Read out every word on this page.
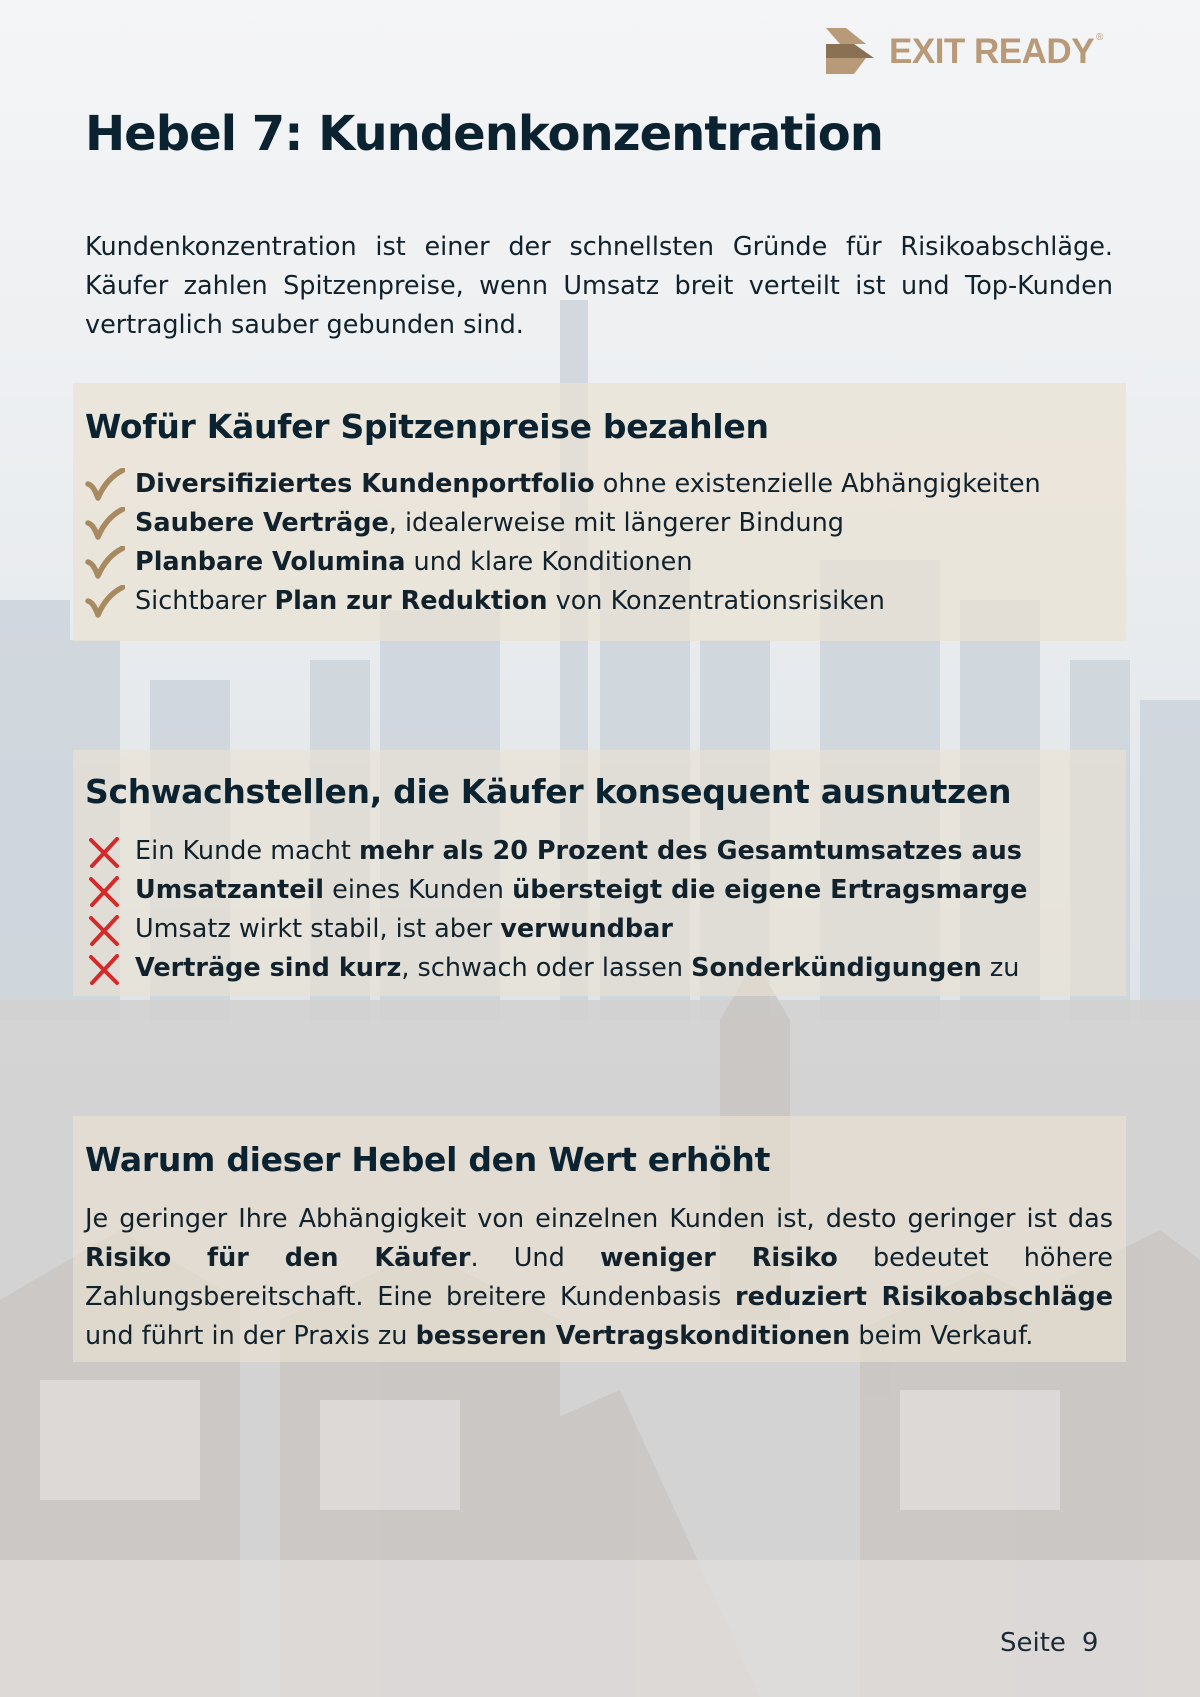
EXIT READY ®
Hebel 7: Kundenkonzentration

Kundenkonzentration ist einer der schnellsten Gründe für Risikoabschläge. Käufer zahlen Spitzenpreise, wenn Umsatz breit verteilt ist und Top-Kunden vertraglich sauber gebunden sind.

Wofür Käufer Spitzenpreise bezahlen
Diversifiziertes Kundenportfolio ohne existenzielle Abhängigkeiten
Saubere Verträge, idealerweise mit längerer Bindung
Planbare Volumina und klare Konditionen
Sichtbarer Plan zur Reduktion von Konzentrationsrisiken
Schwachstellen, die Käufer konsequent ausnutzen
Ein Kunde macht mehr als 20 Prozent des Gesamtumsatzes aus
Umsatzanteil eines Kunden übersteigt die eigene Ertragsmarge
Umsatz wirkt stabil, ist aber verwundbar
Verträge sind kurz, schwach oder lassen Sonderkündigungen zu
Warum dieser Hebel den Wert erhöht

Je geringer Ihre Abhängigkeit von einzelnen Kunden ist, desto geringer ist das Risiko für den Käufer. Und weniger Risiko bedeutet höhere Zahlungsbereitschaft. Eine breitere Kundenbasis reduziert Risikoabschläge und führt in der Praxis zu besseren Vertragskonditionen beim Verkauf.

Seite 9
